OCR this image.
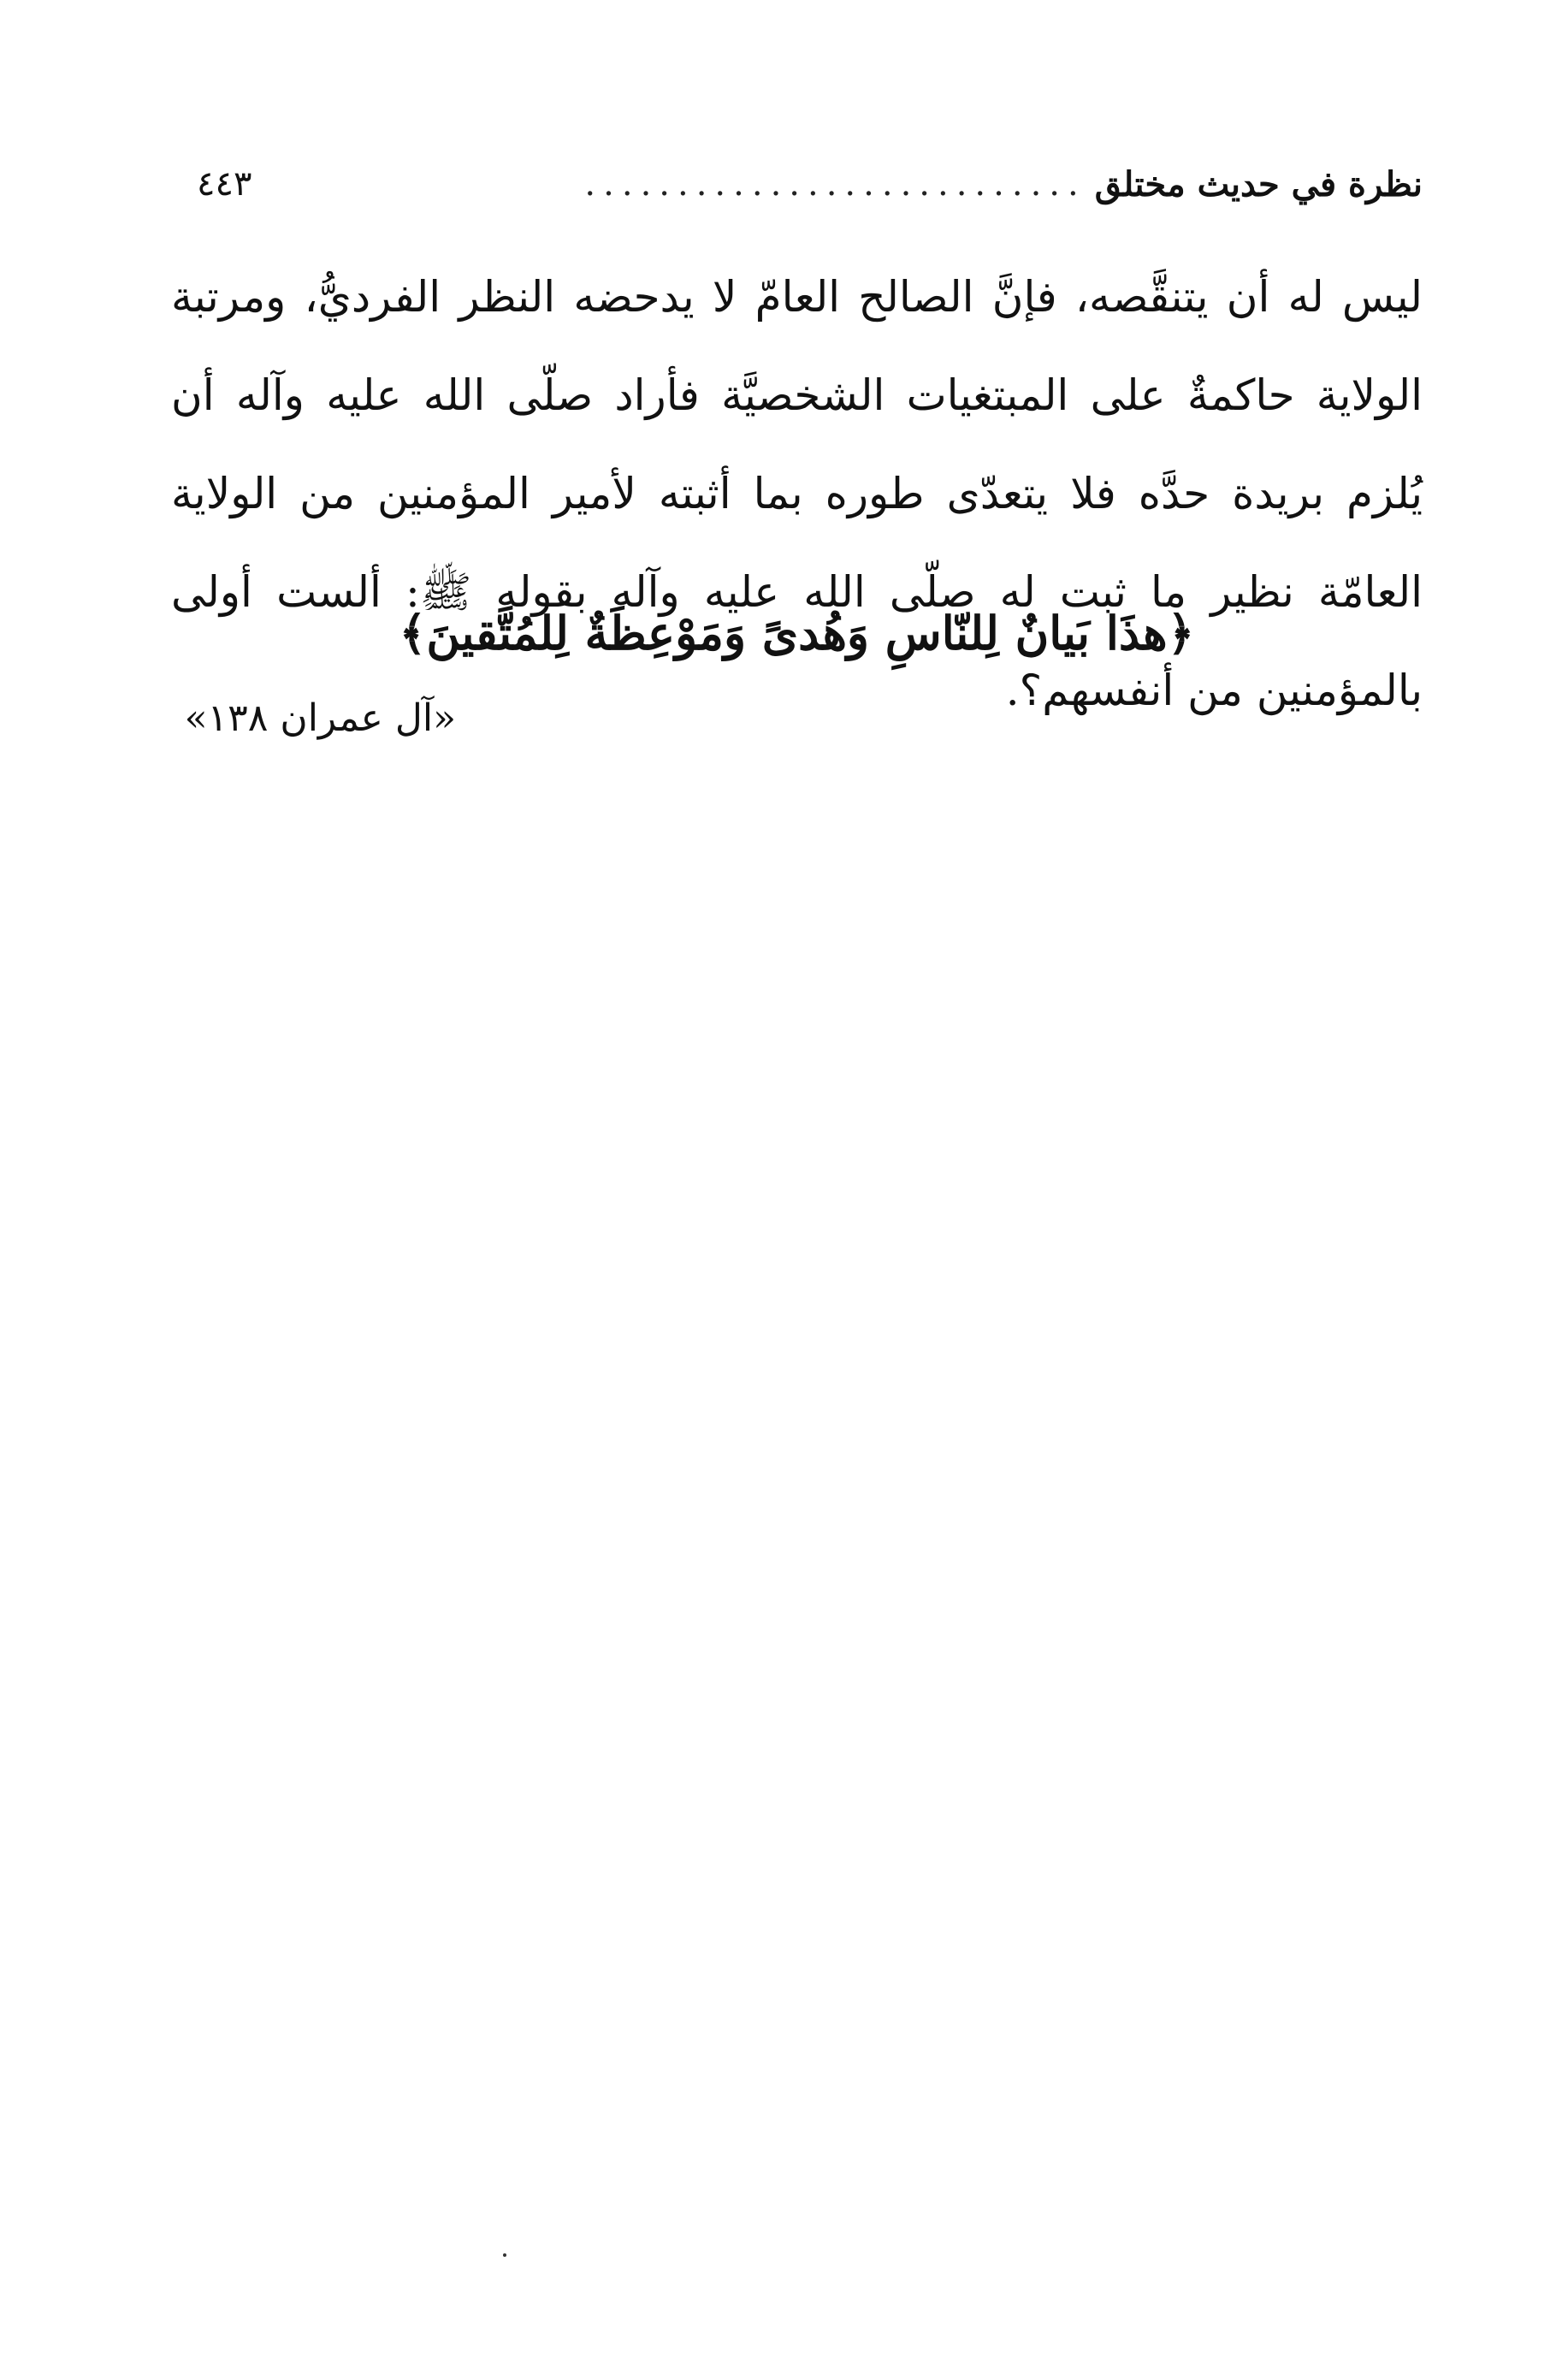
نظرة في حديث مختلق
...........................
٤٤٣

ليس له أن يتنقَّصه، فإنَّ الصالح العامّ لا يدحضه النظر الفرديُّ، ومرتبة الولاية حاكمةٌ على المبتغيات الشخصيَّة فأراد صلّى الله عليه وآله أن يُلزم بريدة حدَّه فلا يتعدّى طوره بما أثبته لأمير المؤمنين من الولاية العامّة نظير ما ثبت له صلّى الله عليه وآله بقوله ﷺ: ألست أولى بالمؤمنين من أنفسهم؟.

﴿هذَا بَيانٌ لِلنّاسِ وَهُدىً وَمَوْعِظَةٌ لِلمُتَّقينَ﴾
«آل عمران ١٣٨»
